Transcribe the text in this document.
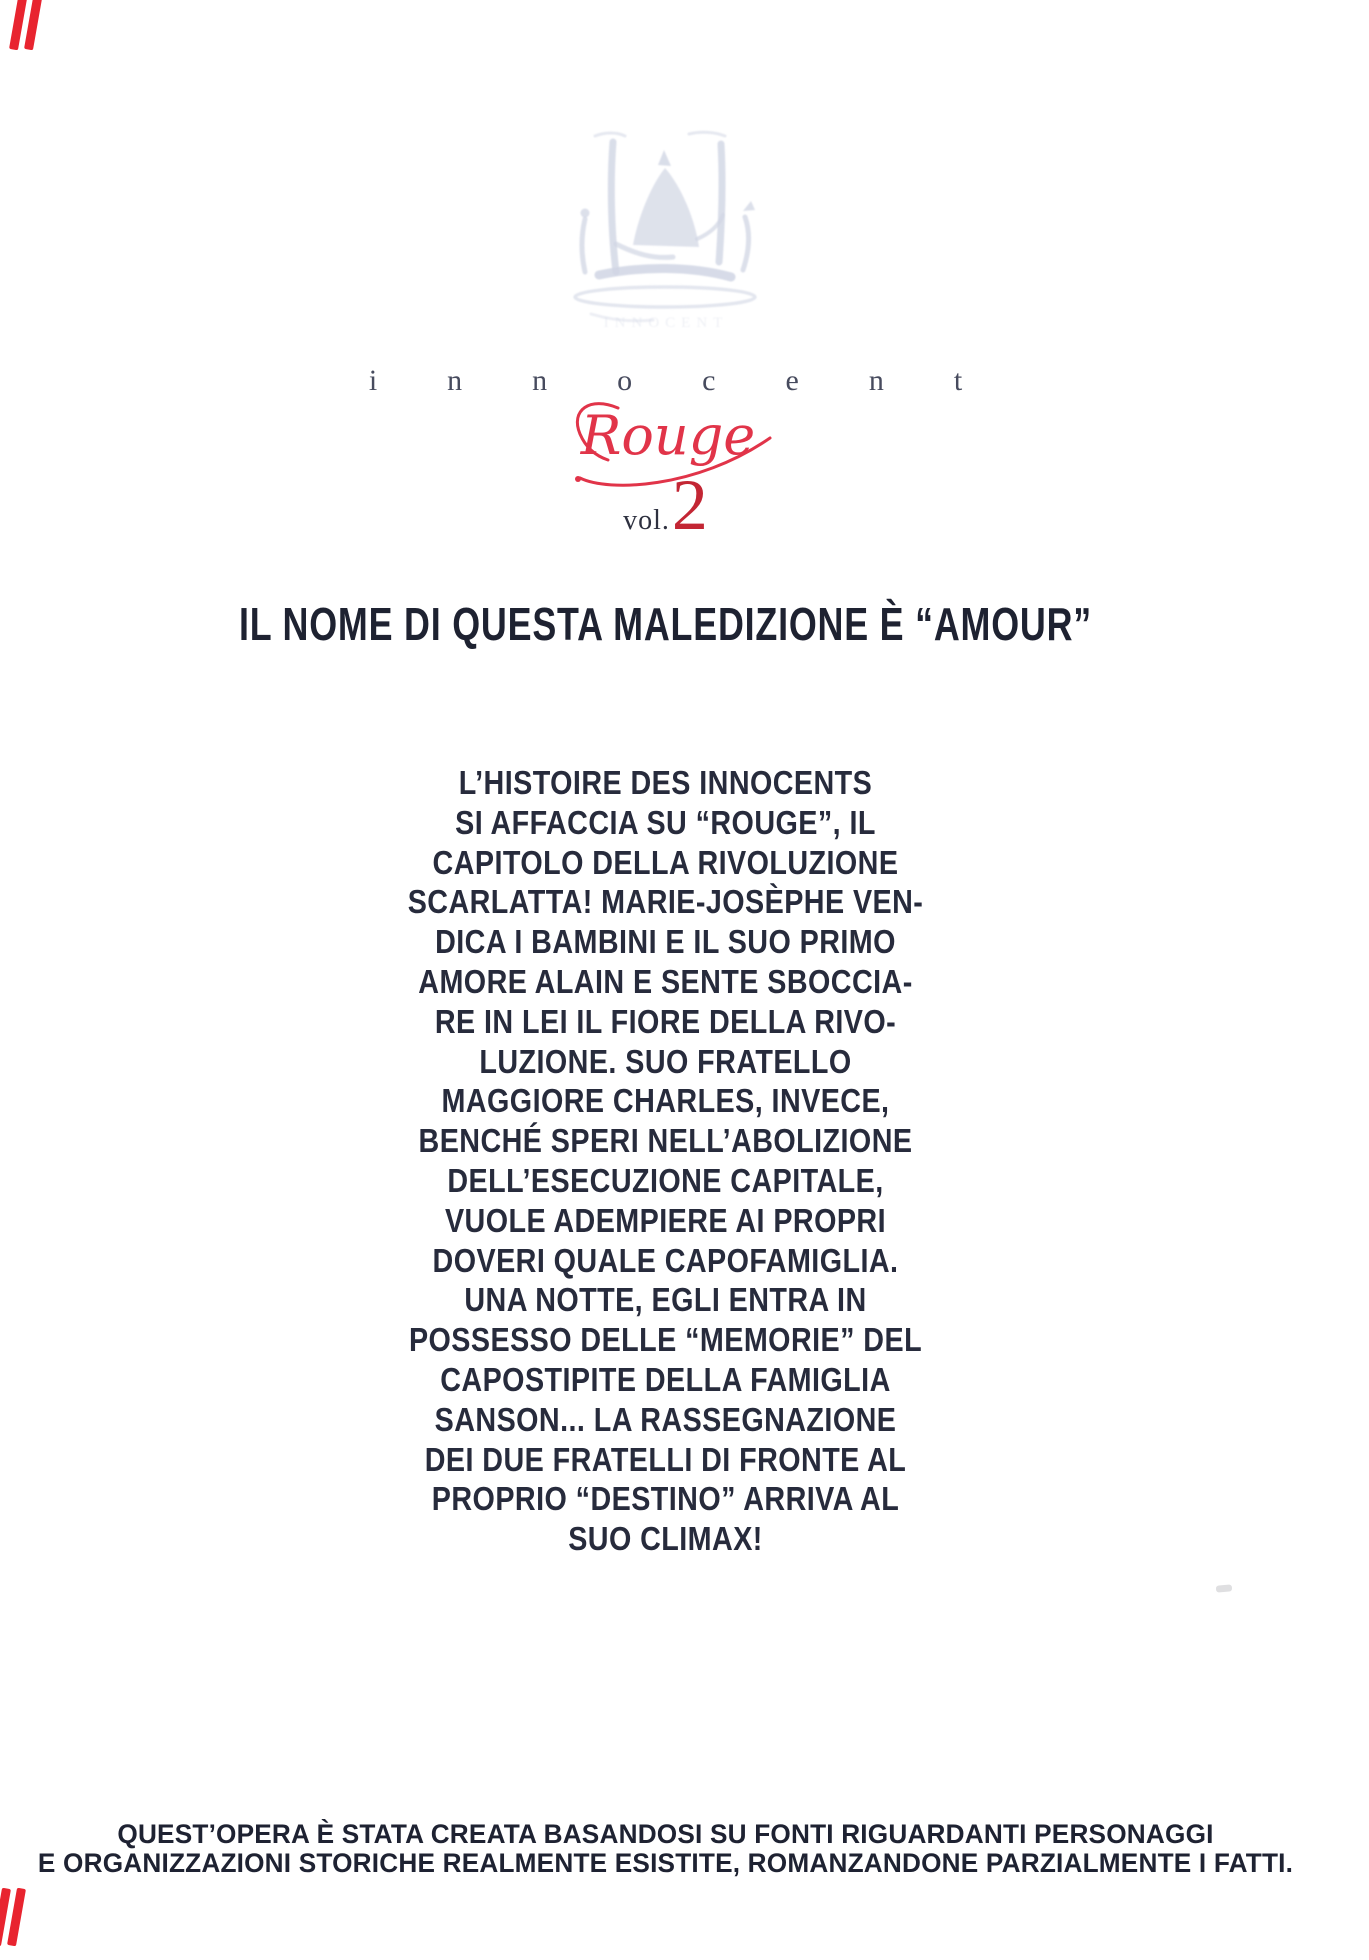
INNOCENT
i n n o c e n t
Rouge
vol.2
IL NOME DI QUESTA MALEDIZIONE È “AMOUR”
L’HISTOIRE DES INNOCENTS
SI AFFACCIA SU “ROUGE”, IL
CAPITOLO DELLA RIVOLUZIONE
SCARLATTA! MARIE-JOSÈPHE VEN-
DICA I BAMBINI E IL SUO PRIMO
AMORE ALAIN E SENTE SBOCCIA-
RE IN LEI IL FIORE DELLA RIVO-
LUZIONE. SUO FRATELLO
MAGGIORE CHARLES, INVECE,
BENCHÉ SPERI NELL’ABOLIZIONE
DELL’ESECUZIONE CAPITALE,
VUOLE ADEMPIERE AI PROPRI
DOVERI QUALE CAPOFAMIGLIA.
UNA NOTTE, EGLI ENTRA IN
POSSESSO DELLE “MEMORIE” DEL
CAPOSTIPITE DELLA FAMIGLIA
SANSON... LA RASSEGNAZIONE
DEI DUE FRATELLI DI FRONTE AL
PROPRIO “DESTINO” ARRIVA AL
SUO CLIMAX!
QUEST’OPERA È STATA CREATA BASANDOSI SU FONTI RIGUARDANTI PERSONAGGI
E ORGANIZZAZIONI STORICHE REALMENTE ESISTITE, ROMANZANDONE PARZIALMENTE I FATTI.
